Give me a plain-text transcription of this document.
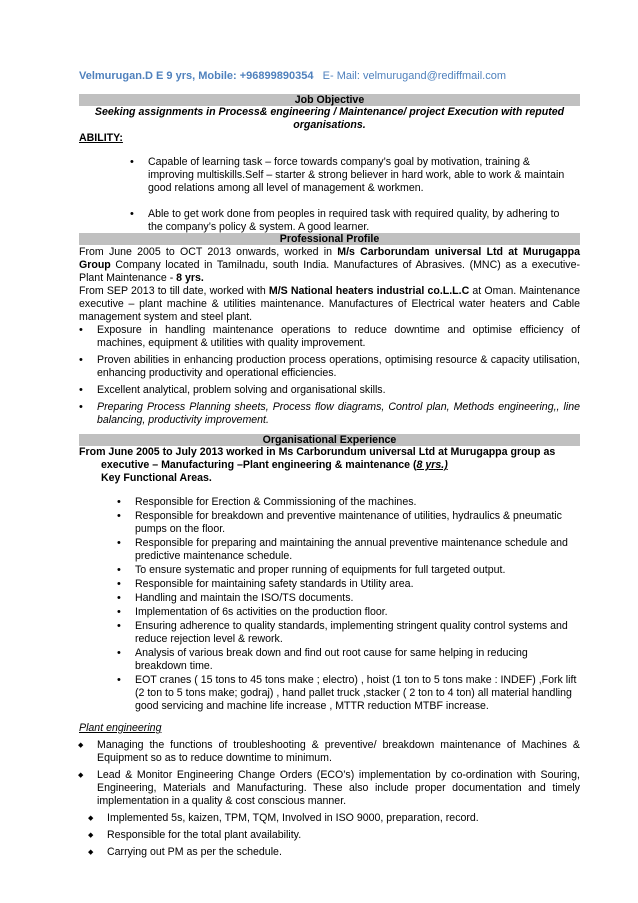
Velmurugan.D E 9 yrs, Mobile: +96899890354 E- Mail: velmurugand@rediffmail.com
Job Objective
Seeking assignments in Process& engineering / Maintenance/ project Execution with reputed organisations.
ABILITY:
• Capable of learning task – force towards company’s goal by motivation, training & improving multiskills.Self – starter & strong believer in hard work, able to work & maintain good relations among all level of management & workmen.
• Able to get work done from peoples in required task with required quality, by adhering to the company’s policy & system. A good learner.
Professional Profile
From June 2005 to OCT 2013 onwards, worked in M/s Carborundam universal Ltd at Murugappa Group Company located in Tamilnadu, south India. Manufactures of Abrasives. (MNC) as a executive-Plant Maintenance - 8 yrs.
From SEP 2013 to till date, worked with M/S National heaters industrial co.L.L.C at Oman. Maintenance executive – plant machine & utilities maintenance. Manufactures of Electrical water heaters and Cable management system and steel plant.
• Exposure in handling maintenance operations to reduce downtime and optimise efficiency of machines, equipment & utilities with quality improvement.
• Proven abilities in enhancing production process operations, optimising resource & capacity utilisation, enhancing productivity and operational efficiencies.
• Excellent analytical, problem solving and organisational skills.
• Preparing Process Planning sheets, Process flow diagrams, Control plan, Methods engineering,, line balancing, productivity improvement.
Organisational Experience
From June 2005 to July 2013 worked in Ms Carborundum universal Ltd at Murugappa group as
executive – Manufacturing –Plant engineering & maintenance (8 yrs.)
Key Functional Areas.
• Responsible for Erection & Commissioning of the machines.
• Responsible for breakdown and preventive maintenance of utilities, hydraulics & pneumatic pumps on the floor.
• Responsible for preparing and maintaining the annual preventive maintenance schedule and predictive maintenance schedule.
• To ensure systematic and proper running of equipments for full targeted output.
• Responsible for maintaining safety standards in Utility area.
• Handling and maintain the ISO/TS documents.
• Implementation of 6s activities on the production floor.
• Ensuring adherence to quality standards, implementing stringent quality control systems and reduce rejection level & rework.
• Analysis of various break down and find out root cause for same helping in reducing breakdown time.
• EOT cranes ( 15 tons to 45 tons make ; electro) , hoist (1 ton to 5 tons make : INDEF) ,Fork lift (2 ton to 5 tons make; godraj) , hand pallet truck ,stacker ( 2 ton to 4 ton) all material handling good servicing and machine life increase , MTTR reduction MTBF increase.
Plant engineering
◆ Managing the functions of troubleshooting & preventive/ breakdown maintenance of Machines & Equipment so as to reduce downtime to minimum.
◆ Lead & Monitor Engineering Change Orders (ECO’s) implementation by co-ordination with Souring, Engineering, Materials and Manufacturing. These also include proper documentation and timely implementation in a quality & cost conscious manner.
◆ Implemented 5s, kaizen, TPM, TQM, Involved in ISO 9000, preparation, record.
◆ Responsible for the total plant availability.
◆ Carrying out PM as per the schedule.
